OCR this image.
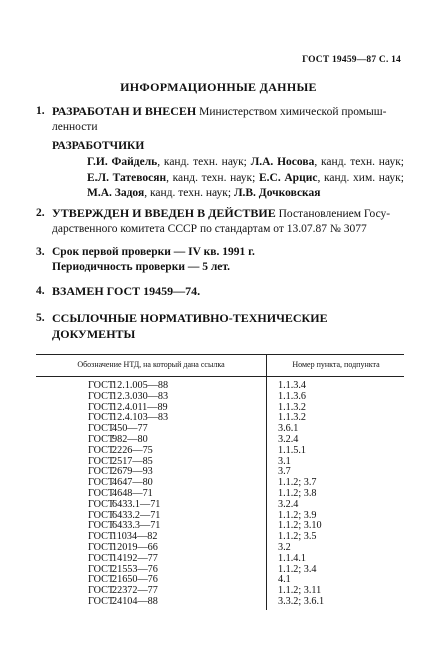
ГОСТ 19459—87 С. 14
ИНФОРМАЦИОННЫЕ ДАННЫЕ
1. РАЗРАБОТАН И ВНЕСЕН Министерством химической промыш-
ленности
РАЗРАБОТЧИКИ
Г.И. Файдель, канд. техн. наук; Л.А. Носова, канд. техн. наук; Е.Л. Татевосян, канд. техн. наук; Е.С. Арцис, канд. хим. наук; М.А. Задоя, канд. техн. наук; Л.В. Дочковская
2. УТВЕРЖДЕН И ВВЕДЕН В ДЕЙСТВИЕ Постановлением Госу-
дарственного комитета СССР по стандартам от 13.07.87 № 3077
3. Срок первой проверки — IV кв. 1991 г.
Периодичность проверки — 5 лет.
4. ВЗАМЕН ГОСТ 19459—74.
5. ССЫЛОЧНЫЕ НОРМАТИВНО-ТЕХНИЧЕСКИЕ ДОКУМЕНТЫ
Обозначение НТД, на который дана ссылка	Номер пункта, подпункта
ГОСТ
12.1.005—88	1.1.3.4
ГОСТ
12.3.030—83	1.1.3.6
ГОСТ
12.4.011—89	1.1.3.2
ГОСТ
12.4.103—83	1.1.3.2
ГОСТ
450—77	3.6.1
ГОСТ
982—80	3.2.4
ГОСТ
2226—75	1.1.5.1
ГОСТ
2517—85	3.1
ГОСТ
2679—93	3.7
ГОСТ
4647—80	1.1.2; 3.7
ГОСТ
4648—71	1.1.2; 3.8
ГОСТ
6433.1—71	3.2.4
ГОСТ
6433.2—71	1.1.2; 3.9
ГОСТ
6433.3—71	1.1.2; 3.10
ГОСТ
11034—82	1.1.2; 3.5
ГОСТ
12019—66	3.2
ГОСТ
14192—77	1.1.4.1
ГОСТ
21553—76	1.1.2; 3.4
ГОСТ
21650—76	4.1
ГОСТ
22372—77	1.1.2; 3.11
ГОСТ
24104—88	3.3.2; 3.6.1
